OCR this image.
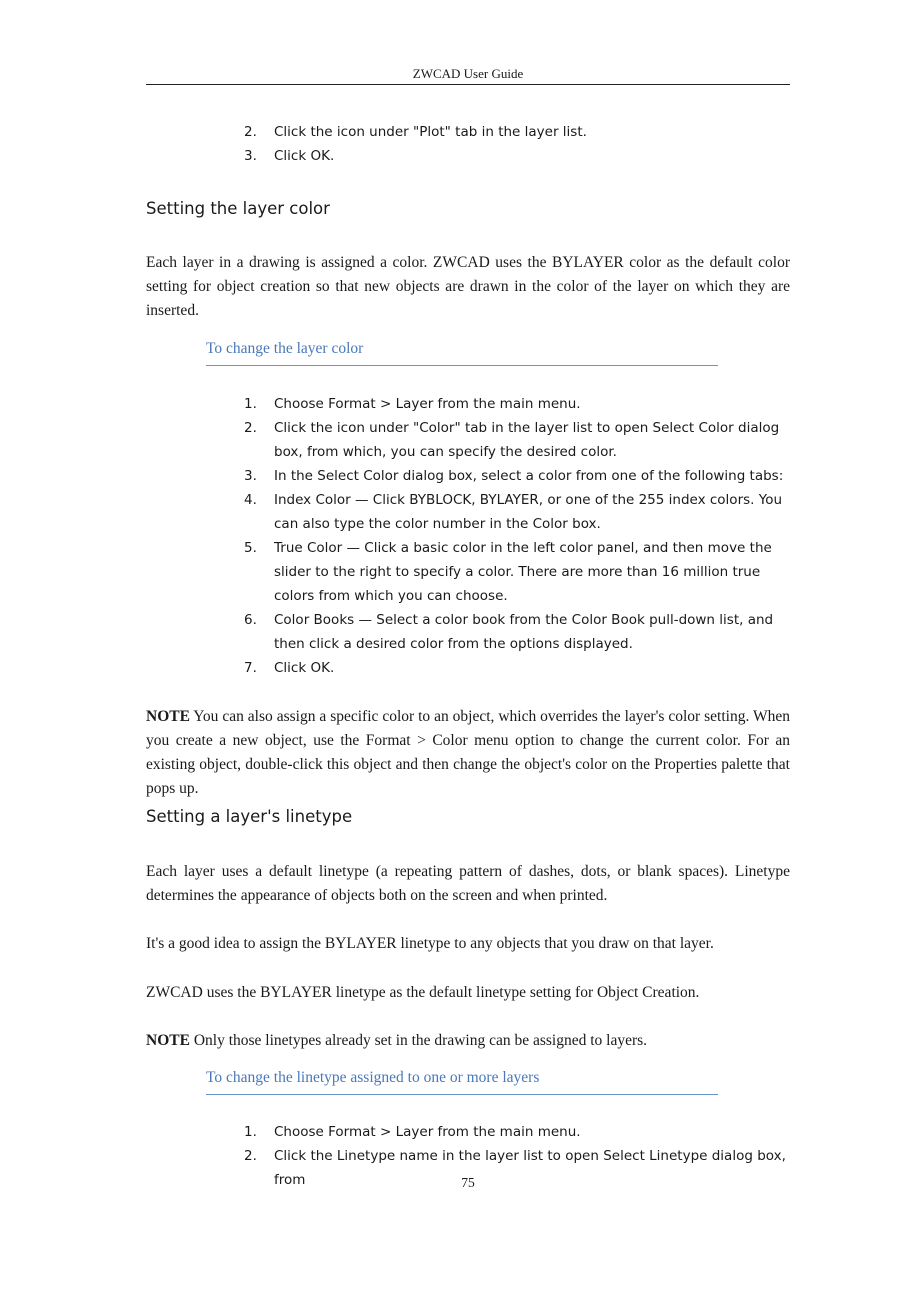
ZWCAD User Guide
2.	Click the icon under "Plot" tab in the layer list.
3.	Click OK.
Setting the layer color

Each layer in a drawing is assigned a color. ZWCAD uses the BYLAYER color as the default color setting for object creation so that new objects are drawn in the color of the layer on which they are inserted.

To change the layer color
1.	Choose Format > Layer from the main menu.
2.	Click the icon under "Color" tab in the layer list to open Select Color dialog box, from which, you can specify the desired color.
3.	In the Select Color dialog box, select a color from one of the following tabs:
4.	Index Color — Click BYBLOCK, BYLAYER, or one of the 255 index colors. You can also type the color number in the Color box.
5.	True Color — Click a basic color in the left color panel, and then move the slider to the right to specify a color. There are more than 16 million true colors from which you can choose.
6.	Color Books — Select a color book from the Color Book pull-down list, and then click a desired color from the options displayed.
7.	Click OK.

NOTE You can also assign a specific color to an object, which overrides the layer's color setting. When you create a new object, use the Format > Color menu option to change the current color. For an existing object, double-click this object and then change the object's color on the Properties palette that pops up.

Setting a layer's linetype

Each layer uses a default linetype (a repeating pattern of dashes, dots, or blank spaces). Linetype determines the appearance of objects both on the screen and when printed.

It's a good idea to assign the BYLAYER linetype to any objects that you draw on that layer.

ZWCAD uses the BYLAYER linetype as the default linetype setting for Object Creation.

NOTE Only those linetypes already set in the drawing can be assigned to layers.

To change the linetype assigned to one or more layers
1.	Choose Format > Layer from the main menu.
2.	Click the Linetype name in the layer list to open Select Linetype dialog box, from	75
